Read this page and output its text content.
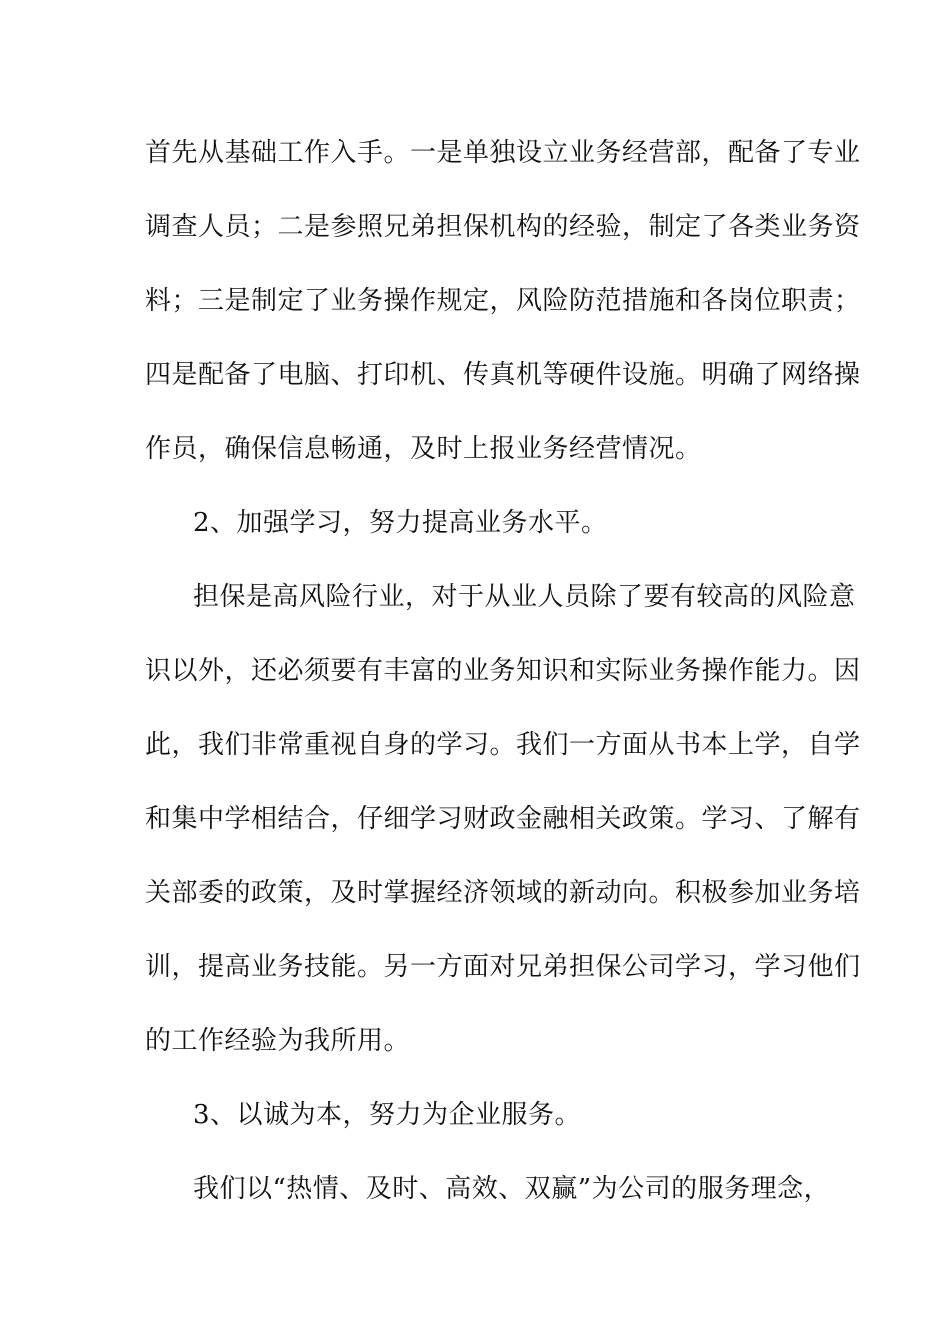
首先从基础工作入手。一是单独设立业务经营部，配备了专业
调查人员；二是参照兄弟担保机构的经验，制定了各类业务资
料；三是制定了业务操作规定，风险防范措施和各岗位职责；
四是配备了电脑、打印机、传真机等硬件设施。明确了网络操
作员，确保信息畅通，及时上报业务经营情况。
2、加强学习，努力提高业务水平。
担保是高风险行业，对于从业人员除了要有较高的风险意
识以外，还必须要有丰富的业务知识和实际业务操作能力。因
此，我们非常重视自身的学习。我们一方面从书本上学，自学
和集中学相结合，仔细学习财政金融相关政策。学习、了解有
关部委的政策，及时掌握经济领域的新动向。积极参加业务培
训，提高业务技能。另一方面对兄弟担保公司学习，学习他们
的工作经验为我所用。
3、以诚为本，努力为企业服务。
我们以“热情、及时、高效、双赢”为公司的服务理念，
